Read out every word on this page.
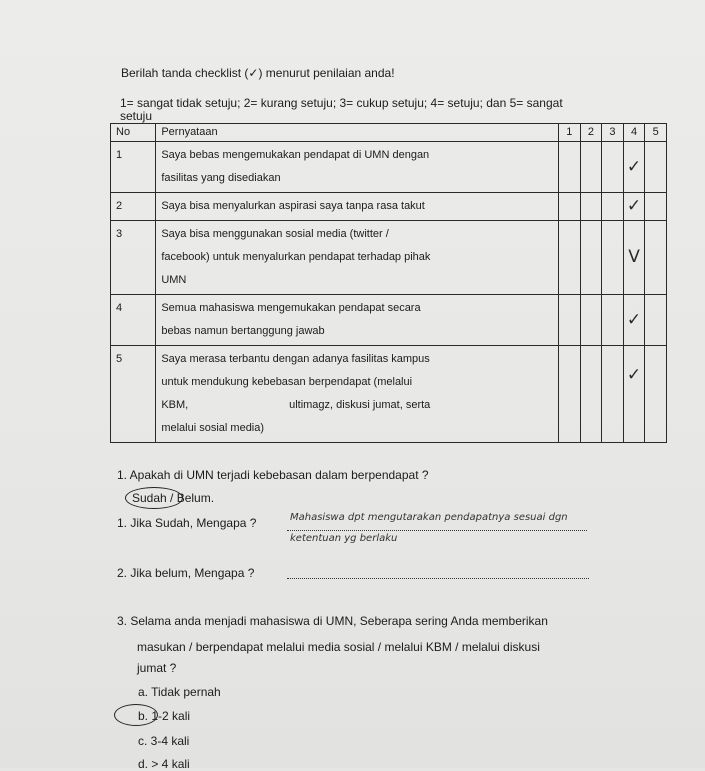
Berilah tanda checklist (✓) menurut penilaian anda!
1= sangat tidak setuju; 2= kurang setuju; 3= cukup setuju; 4= setuju; dan 5= sangat
setuju
No	Pernyataan	1	2	3	4	5
1	Saya bebas mengemukakan pendapat di UMN dengan
fasilitas yang disediakan				✓	
2	Saya bisa menyalurkan aspirasi saya tanpa rasa takut				✓	
3	Saya bisa menggunakan sosial media (twitter /
facebook) untuk menyalurkan pendapat terhadap pihak
UMN				V	
4	Semua mahasiswa mengemukakan pendapat secara
bebas namun bertanggung jawab				✓	
5	Saya merasa terbantu dengan adanya fasilitas kampus
untuk mendukung kebebasan berpendapat (melalui
KBM,                                 ultimagz, diskusi jumat, serta
melalui sosial media)				✓	
1. Apakah di UMN terjadi kebebasan dalam berpendapat ?
Sudah / Belum.
1. Jika Sudah, Mengapa ?	Mahasiswa dpt mengutarakan pendapatnya sesuai dgn
ketentuan yg berlaku
2. Jika belum, Mengapa ?
3. Selama anda menjadi mahasiswa di UMN, Seberapa sering Anda memberikan
masukan / berpendapat melalui media sosial / melalui KBM / melalui diskusi
jumat ?
a. Tidak pernah
b. 1-2 kali
c. 3-4 kali
d. > 4 kali
